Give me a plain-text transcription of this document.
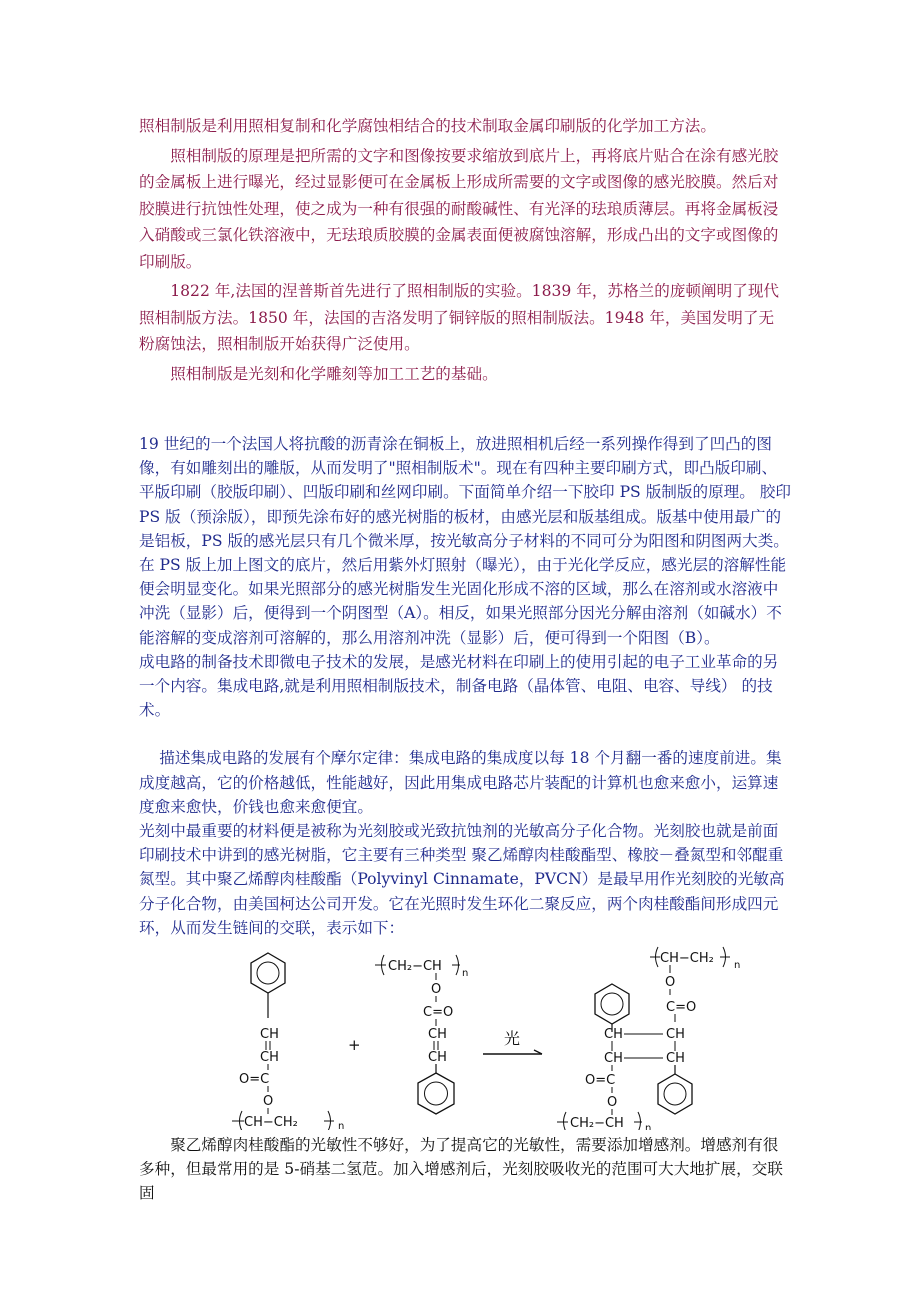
照相制版是利用照相复制和化学腐蚀相结合的技术制取金属印刷版的化学加工方法。

照相制版的原理是把所需的文字和图像按要求缩放到底片上，再将底片贴合在涂有感光胶的金属板上进行曝光，经过显影便可在金属板上形成所需要的文字或图像的感光胶膜。然后对胶膜进行抗蚀性处理，使之成为一种有很强的耐酸碱性、有光泽的珐琅质薄层。再将金属板浸入硝酸或三氯化铁溶液中，无珐琅质胶膜的金属表面便被腐蚀溶解，形成凸出的文字或图像的印刷版。

1822 年,法国的涅普斯首先进行了照相制版的实验。1839 年，苏格兰的庞顿阐明了现代照相制版方法。1850 年，法国的吉洛发明了铜锌版的照相制版法。1948 年，美国发明了无粉腐蚀法，照相制版开始获得广泛使用。

照相制版是光刻和化学雕刻等加工工艺的基础。

19 世纪的一个法国人将抗酸的沥青涂在铜板上，放进照相机后经一系列操作得到了凹凸的图像，有如雕刻出的雕版，从而发明了"照相制版术"。现在有四种主要印刷方式，即凸版印刷、平版印刷（胶版印刷）、凹版印刷和丝网印刷。下面简单介绍一下胶印 PS 版制版的原理。 胶印 PS 版（预涂版），即预先涂布好的感光树脂的板材，由感光层和版基组成。版基中使用最广的是铝板，PS 版的感光层只有几个微米厚，按光敏高分子材料的不同可分为阳图和阴图两大类。在 PS 版上加上图文的底片，然后用紫外灯照射（曝光），由于光化学反应，感光层的溶解性能便会明显变化。如果光照部分的感光树脂发生光固化形成不溶的区域，那么在溶剂或水溶液中冲洗（显影）后，便得到一个阴图型（A）。相反，如果光照部分因光分解由溶剂（如碱水）不能溶解的变成溶剂可溶解的，那么用溶剂冲洗（显影）后，便可得到一个阳图（B）。

成电路的制备技术即微电子技术的发展，是感光材料在印刷上的使用引起的电子工业革命的另一个内容。集成电路,就是利用照相制版技术，制备电路（晶体管、电阻、电容、导线） 的技术。

描述集成电路的发展有个摩尔定律：集成电路的集成度以每 18 个月翻一番的速度前进。集成度越高，它的价格越低，性能越好，因此用集成电路芯片装配的计算机也愈来愈小，运算速度愈来愈快，价钱也愈来愈便宜。

光刻中最重要的材料便是被称为光刻胶或光致抗蚀剂的光敏高分子化合物。光刻胶也就是前面印刷技术中讲到的感光树脂，它主要有三种类型 聚乙烯醇肉桂酸酯型、橡胶－叠氮型和邻醌重氮型。其中聚乙烯醇肉桂酸酯（Polyvinyl Cinnamate，PVCN）是最早用作光刻胶的光敏高分子化合物，由美国柯达公司开发。它在光照时发生环化二聚反应，两个肉桂酸酯间形成四元环，从而发生链间的交联，表示如下：

CH
CH
O=C
O
CH−CH₂	n
+
CH₂−CH n
O
C=O
CH
CH
光
CH−CH₂ n
O
C=O
CH	CH
CH	CH
O=C
O
CH₂−CH n

聚乙烯醇肉桂酸酯的光敏性不够好，为了提高它的光敏性，需要添加增感剂。增感剂有很多种，但最常用的是 5-硝基二氢苊。加入增感剂后，光刻胶吸收光的范围可大大地扩展，交联固
